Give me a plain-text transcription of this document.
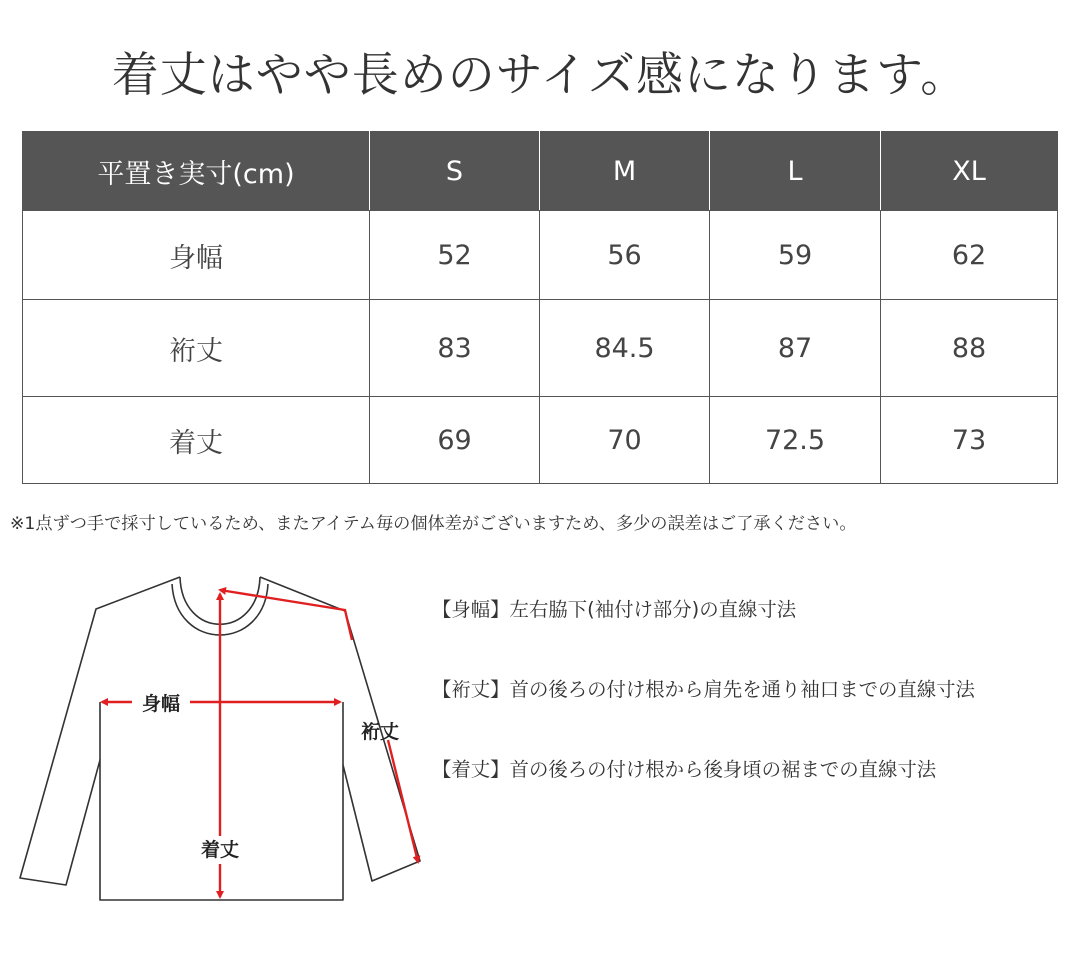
着丈はやや長めのサイズ感になります。
平置き実寸(cm)	S	M	L	XL
身幅	52	56	59	62
裄丈	83	84.5	87	88
着丈	69	70	72.5	73
※1点ずつ手で採寸しているため、またアイテム毎の個体差がございますため、多少の誤差はご了承ください。
身幅
裄丈
着丈
【身幅】左右脇下(袖付け部分)の直線寸法
【裄丈】首の後ろの付け根から肩先を通り袖口までの直線寸法
【着丈】首の後ろの付け根から後身頃の裾までの直線寸法
